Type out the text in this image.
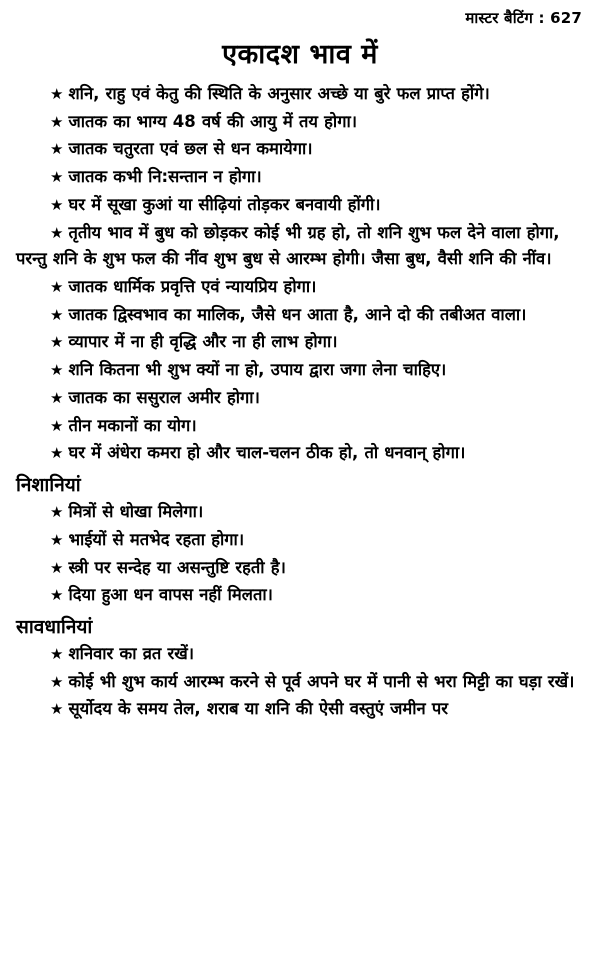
मास्टर बैटिंग : 627
एकादश भाव में

★ शनि, राहु एवं केतु की स्थिति के अनुसार अच्छे या बुरे फल प्राप्त होंगे।

★ जातक का भाग्य 48 वर्ष की आयु में तय होगा।

★ जातक चतुरता एवं छल से धन कमायेगा।

★ जातक कभी नि:सन्तान न होगा।

★ घर में सूखा कुआं या सीढ़ियां तोड़कर बनवायी होंगी।

★ तृतीय भाव में बुध को छोड़कर कोई भी ग्रह हो, तो शनि शुभ फल देने वाला होगा, परन्तु शनि के शुभ फल की नींव शुभ बुध से आरम्भ होगी। जैसा बुध, वैसी शनि की नींव।

★ जातक धार्मिक प्रवृत्ति एवं न्यायप्रिय होगा।

★ जातक द्विस्वभाव का मालिक, जैसे धन आता है, आने दो की तबीअत वाला।

★ व्यापार में ना ही वृद्धि और ना ही लाभ होगा।

★ शनि कितना भी शुभ क्यों ना हो, उपाय द्वारा जगा लेना चाहिए।

★ जातक का ससुराल अमीर होगा।

★ तीन मकानों का योग।

★ घर में अंधेरा कमरा हो और चाल-चलन ठीक हो, तो धनवान् होगा।

निशानियां

★ मित्रों से धोखा मिलेगा।

★ भाईयों से मतभेद रहता होगा।

★ स्त्री पर सन्देह या असन्तुष्टि रहती है।

★ दिया हुआ धन वापस नहीं मिलता।

सावधानियां

★ शनिवार का व्रत रखें।

★ कोई भी शुभ कार्य आरम्भ करने से पूर्व अपने घर में पानी से भरा मिट्टी का घड़ा रखें।

★ सूर्योदय के समय तेल, शराब या शनि की ऐसी वस्तुएं जमीन पर
